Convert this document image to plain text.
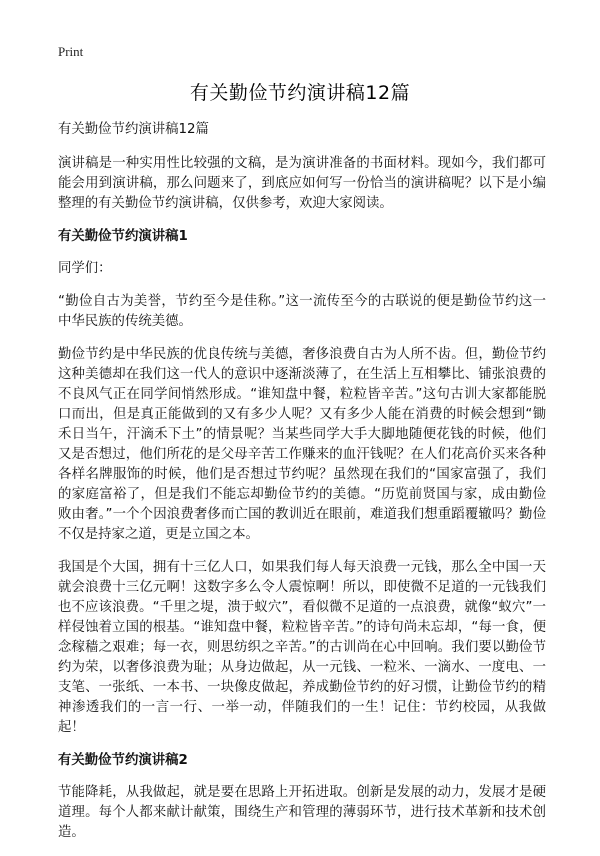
Print
有关勤俭节约演讲稿12篇
有关勤俭节约演讲稿12篇

演讲稿是一种实用性比较强的文稿，是为演讲准备的书面材料。现如今，我们都可能会用到演讲稿，那么问题来了，到底应如何写一份恰当的演讲稿呢？以下是小编整理的有关勤俭节约演讲稿，仅供参考，欢迎大家阅读。

有关勤俭节约演讲稿1

同学们：

“勤俭自古为美誉，节约至今是佳称。”这一流传至今的古联说的便是勤俭节约这一中华民族的传统美德。

勤俭节约是中华民族的优良传统与美德，奢侈浪费自古为人所不齿。但，勤俭节约这种美德却在我们这一代人的意识中逐渐淡薄了，在生活上互相攀比、铺张浪费的不良风气正在同学间悄然形成。“谁知盘中餐，粒粒皆辛苦。”这句古训大家都能脱口而出，但是真正能做到的又有多少人呢？又有多少人能在消费的时候会想到“锄禾日当午，汗滴禾下土”的情景呢？当某些同学大手大脚地随便花钱的时候，他们又是否想过，他们所花的是父母辛苦工作赚来的血汗钱呢？在人们花高价买来各种各样名牌服饰的时候，他们是否想过节约呢？虽然现在我们的“国家富强了，我们的家庭富裕了，但是我们不能忘却勤俭节约的美德。“历览前贤国与家，成由勤俭败由奢。”一个个因浪费奢侈而亡国的教训近在眼前，难道我们想重蹈覆辙吗？勤俭不仅是持家之道，更是立国之本。

我国是个大国，拥有十三亿人口，如果我们每人每天浪费一元钱，那么全中国一天就会浪费十三亿元啊！这数字多么令人震惊啊！所以，即使微不足道的一元钱我们也不应该浪费。“千里之堤，溃于蚁穴”，看似微不足道的一点浪费，就像“蚁穴”一样侵蚀着立国的根基。“谁知盘中餐，粒粒皆辛苦。”的诗句尚未忘却，“每一食，便念稼穑之艰难；每一衣，则思纺织之辛苦。”的古训尚在心中回响。我们要以勤俭节约为荣，以奢侈浪费为耻；从身边做起，从一元钱、一粒米、一滴水、一度电、一支笔、一张纸、一本书、一块像皮做起，养成勤俭节约的好习惯，让勤俭节约的精神渗透我们的一言一行、一举一动，伴随我们的一生！记住：节约校园，从我做起！

有关勤俭节约演讲稿2

节能降耗，从我做起，就是要在思路上开拓进取。创新是发展的动力，发展才是硬道理。每个人都来献计献策，围绕生产和管理的薄弱环节，进行技术革新和技术创造。
